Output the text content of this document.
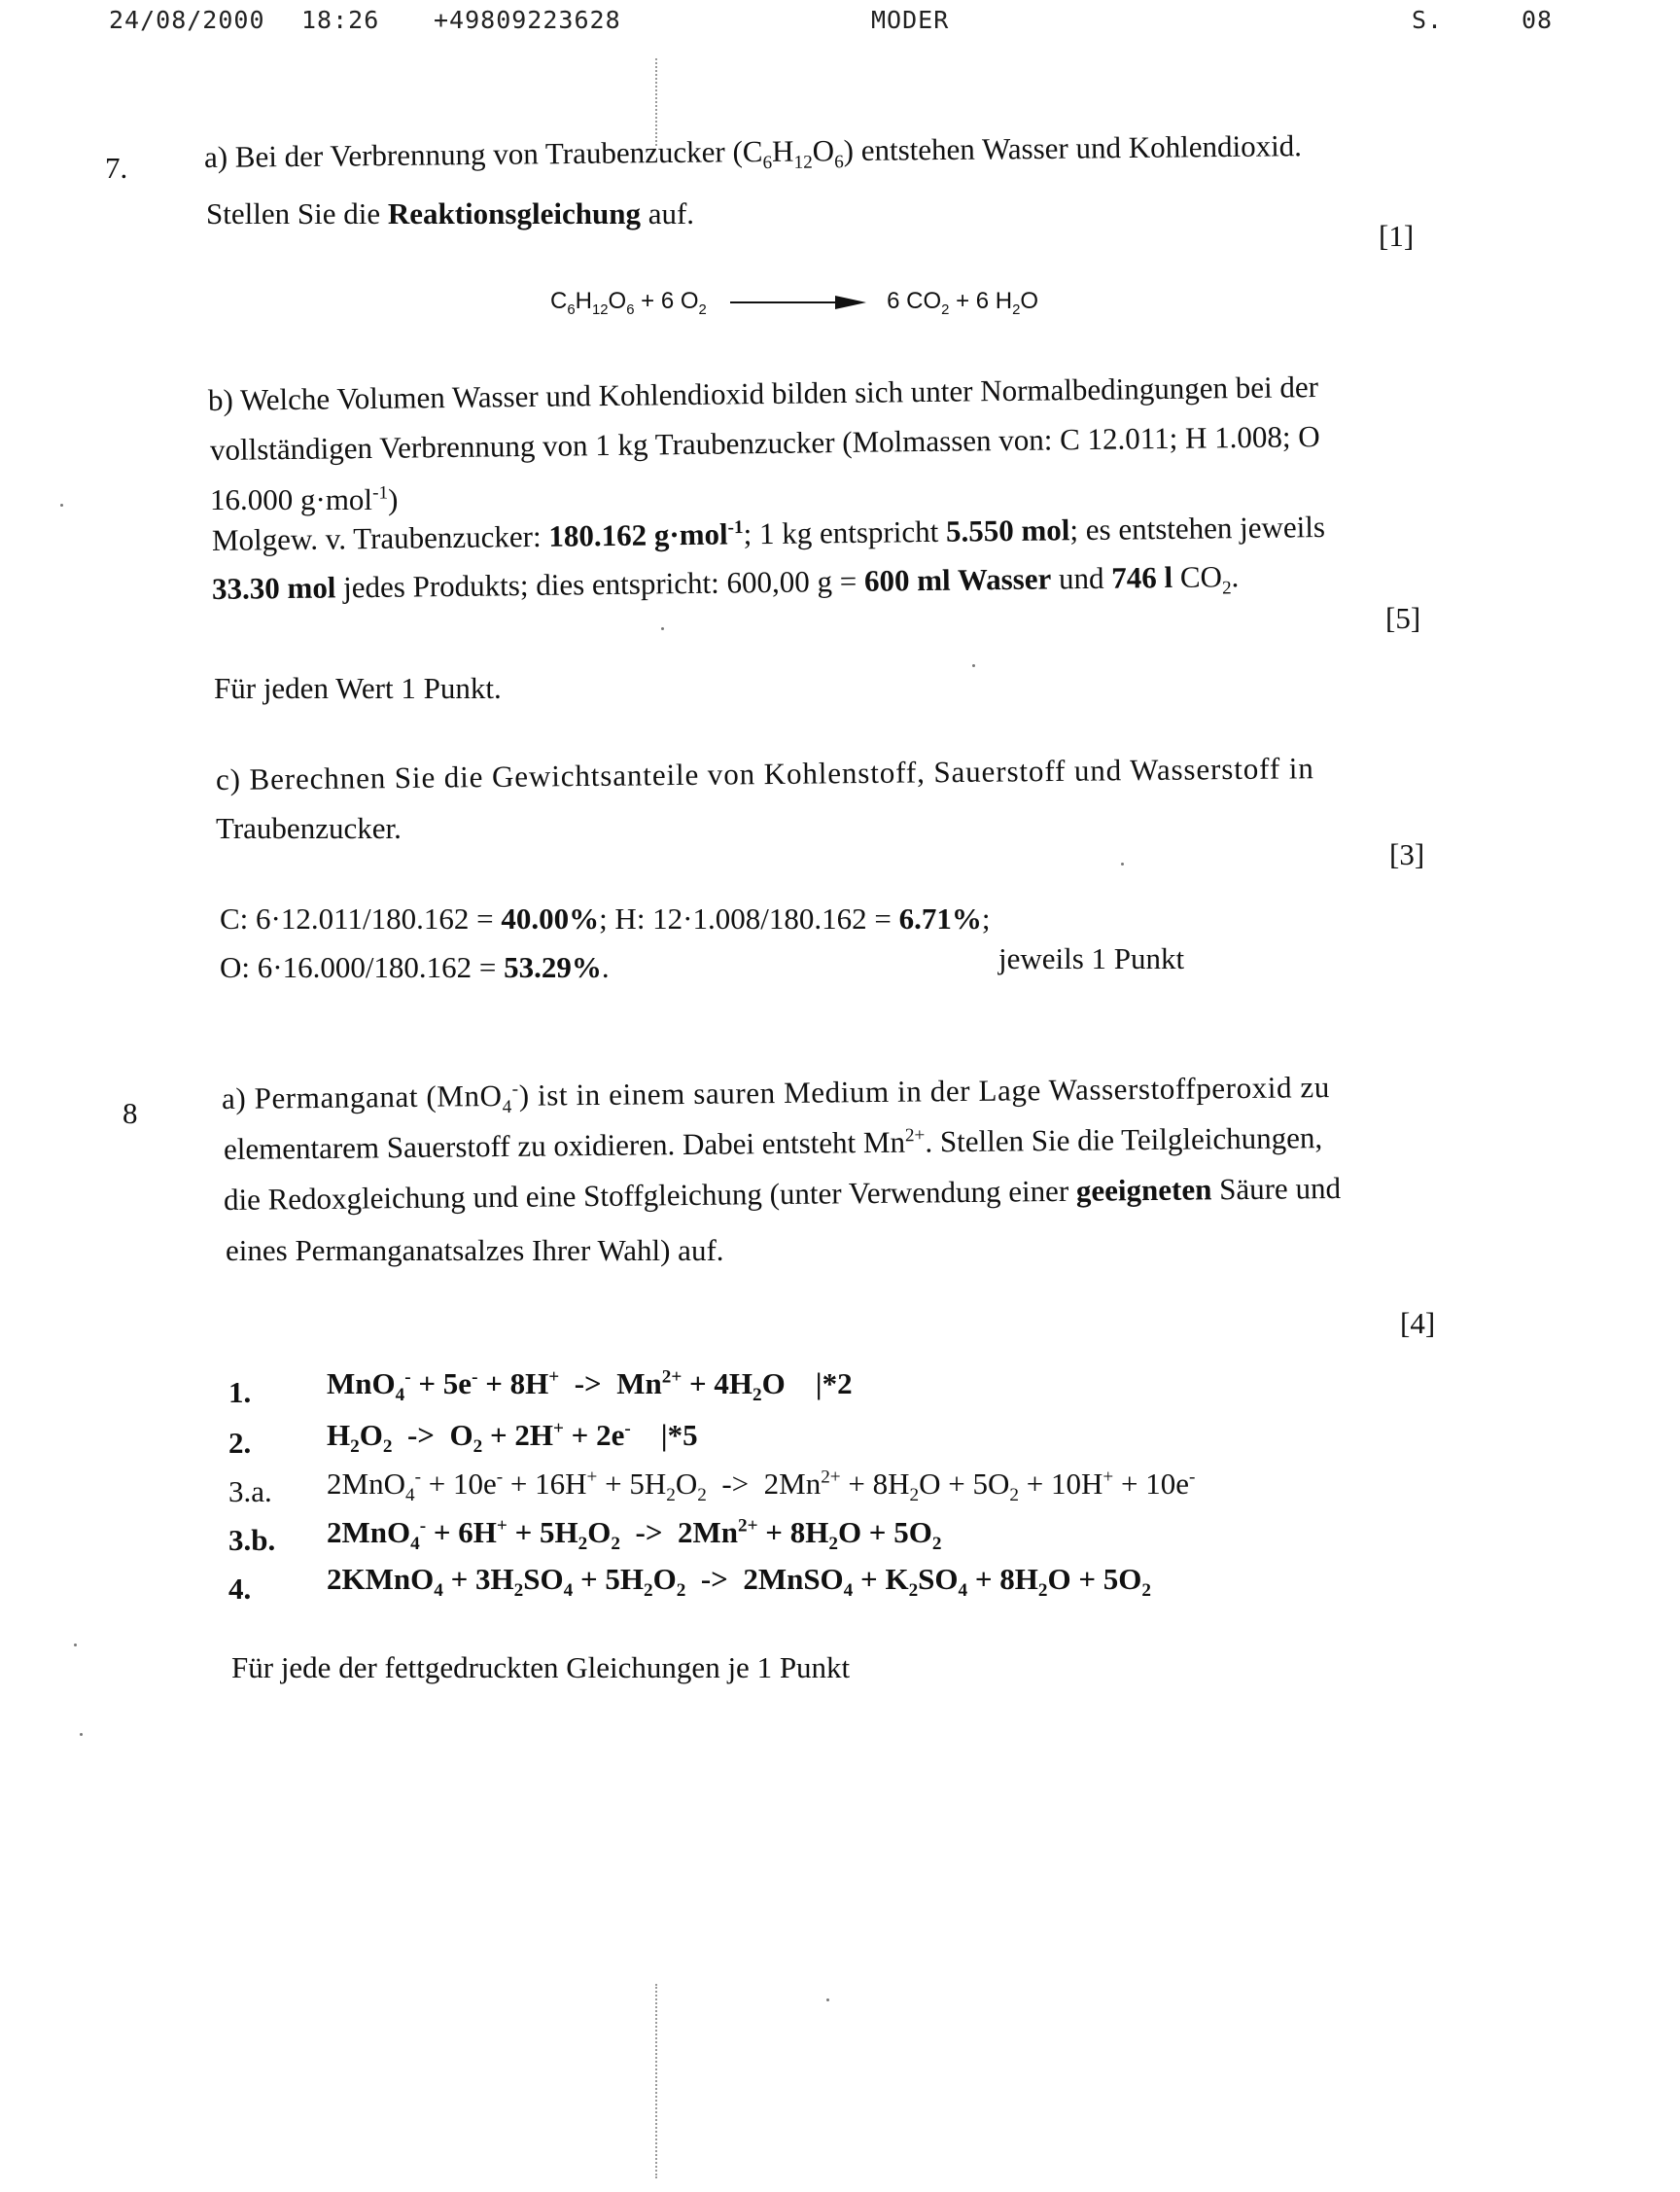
24/08/2000 18:26 +49809223628	MODER	S.	08
7.	a) Bei der Verbrennung von Traubenzucker $(C_6H_{12}O_6)$ entstehen Wasser und Kohlendioxid.
Stellen Sie die Reaktionsgleichung auf.
[1]
$C_6H_{12}O_6 + 6$ $O_2$	6 $CO_2 + 6$ $H_2O$
b) Welche Volumen Wasser und Kohlendioxid bilden sich unter Normalbedingungen bei der
vollständigen Verbrennung von 1 kg Traubenzucker (Molmassen von: C 12.011; H 1.008; O
16.000 g·mol$^{-1}$)
Molgew. v. Traubenzucker: 180.162 g·mol$^{-1}$; 1 kg entspricht 5.550 mol; es entstehen jeweils
33.30 mol jedes Produkts; dies entspricht: 600,00 g = 600 ml Wasser und 746 l $CO_2$.
[5]
Für jeden Wert 1 Punkt.
c) Berechnen Sie die Gewichtsanteile von Kohlenstoff, Sauerstoff und Wasserstoff in
Traubenzucker.
[3]
C: 6·12.011/180.162 = 40.00%; H: 12·1.008/180.162 = 6.71%;
O: 6·16.000/180.162 = 53.29%.	jeweils 1 Punkt
8	a) Permanganat (MnO$_4$-) ist in einem sauren Medium in der Lage Wasserstoffperoxid zu
elementarem Sauerstoff zu oxidieren. Dabei entsteht $Mn^{2+}$. Stellen Sie die Teilgleichungen,
die Redoxgleichung und eine Stoffgleichung (unter Verwendung einer geeigneten Säure und
eines Permanganatsalzes Ihrer Wahl) auf.
[4]
1.	$MnO_4^- + 5e^- + 8H^+ -> Mn^{2+} + 4H_2O$    |*2
2.	$H_2O_2 -> O_2 + 2H^+ + 2e^-$    |*5
3.a. $2MnO_4^- + 10e^- + 16H^+ + 5H_2O_2 -> 2Mn^{2+} + 8H_2O + 5O_2 + 10H^+ + 10e^-$
3.b. $2MnO_4^- + 6H^+ + 5H_2O_2 -> 2Mn^{2+} + 8H_2O + 5O_2$
4.	2KMnO$_4$ + $3H_2SO_4 + 5H_2O_2$  ->  2MnSO$_4$ + $K_2SO_4 + 8H_2O + 5O_2$
Für jede der fettgedruckten Gleichungen je 1 Punkt
